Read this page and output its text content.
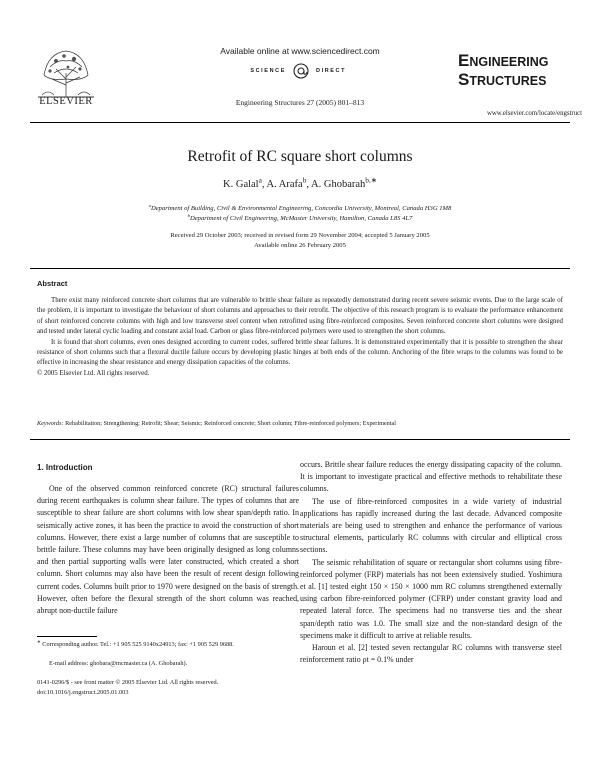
ELSEVIER
Available online at www.sciencedirect.com
SCIENCE	DIRECT
Engineering Structures 27 (2005) 801–813
ENGINEERING
STRUCTURES
www.elsevier.com/locate/engstruct
Retrofit of RC square short columns
K. Galal$^a$, A. Arafa$^b$, A. Ghobarah$^{b,∗}$
$^a$Department of Building, Civil & Environmental Engineering, Concordia University, Montreal, Canada H3G 1M8
$^b$Department of Civil Engineering, McMaster University, Hamilton, Canada L8S 4L7
Received 29 October 2003; received in revised form 29 November 2004; accepted 5 January 2005
Available online 26 February 2005
Abstract

There exist many reinforced concrete short columns that are vulnerable to brittle shear failure as repeatedly demonstrated during recent severe seismic events. Due to the large scale of the problem, it is important to investigate the behaviour of short columns and approaches to their retrofit. The objective of this research program is to evaluate the performance enhancement of short reinforced concrete columns with high and low transverse steel content when retrofitted using fibre-reinforced composites. Seven reinforced concrete short columns were designed and tested under lateral cyclic loading and constant axial load. Carbon or glass fibre-reinforced polymers were used to strengthen the short columns.

It is found that short columns, even ones designed according to current codes, suffered brittle shear failures. It is demonstrated experimentally that it is possible to strengthen the shear resistance of short columns such that a flexural ductile failure occurs by developing plastic hinges at both ends of the column. Anchoring of the fibre wraps to the columns was found to be effective in increasing the shear resistance and energy dissipation capacities of the columns.

© 2005 Elsevier Ltd. All rights reserved.

Keywords: Rehabilitation; Strengthening; Retrofit; Shear; Seismic; Reinforced concrete; Short column; Fibre-reinforced polymers; Experimental
1. Introduction

One of the observed common reinforced concrete (RC) structural failures during recent earthquakes is column shear failure. The types of columns that are susceptible to shear failure are short columns with low shear span/depth ratio. In seismically active zones, it has been the practice to avoid the construction of short columns. However, there exist a large number of columns that are susceptible to brittle failure. These columns may have been originally designed as long columns and then partial supporting walls were later constructed, which created a short column. Short columns may also have been the result of recent design following current codes. Columns built prior to 1970 were designed on the basis of strength. However, often before the flexural strength of the short column was reached, abrupt non-ductile failure

occurs. Brittle shear failure reduces the energy dissipating capacity of the column. It is important to investigate practical and effective methods to rehabilitate these columns.

The use of fibre-reinforced composites in a wide variety of industrial applications has rapidly increased during the last decade. Advanced composite materials are being used to strengthen and enhance the performance of various structural elements, particularly RC columns with circular and elliptical cross sections.

The seismic rehabilitation of square or rectangular short columns using fibre-reinforced polymer (FRP) materials has not been extensively studied. Yoshimura et al. [1] tested eight 150 × 150 × 1000 mm RC columns strengthened externally using carbon fibre-reinforced polymer (CFRP) under constant gravity load and repeated lateral force. The specimens had no transverse ties and the shear span/depth ratio was 1.0. The small size and the non-standard design of the specimens make it difficult to arrive at reliable results.

Haroun et al. [2] tested seven rectangular RC columns with transverse steel reinforcement ratio ρt = 0.1% under

∗ Corresponding author. Tel.: +1 905 525 9140x24913; fax: +1 905 529 9688.
E-mail address: ghobara@mcmaster.ca (A. Ghobarah).
0141-0296/$ - see front matter © 2005 Elsevier Ltd. All rights reserved.
doi:10.1016/j.engstruct.2005.01.003
